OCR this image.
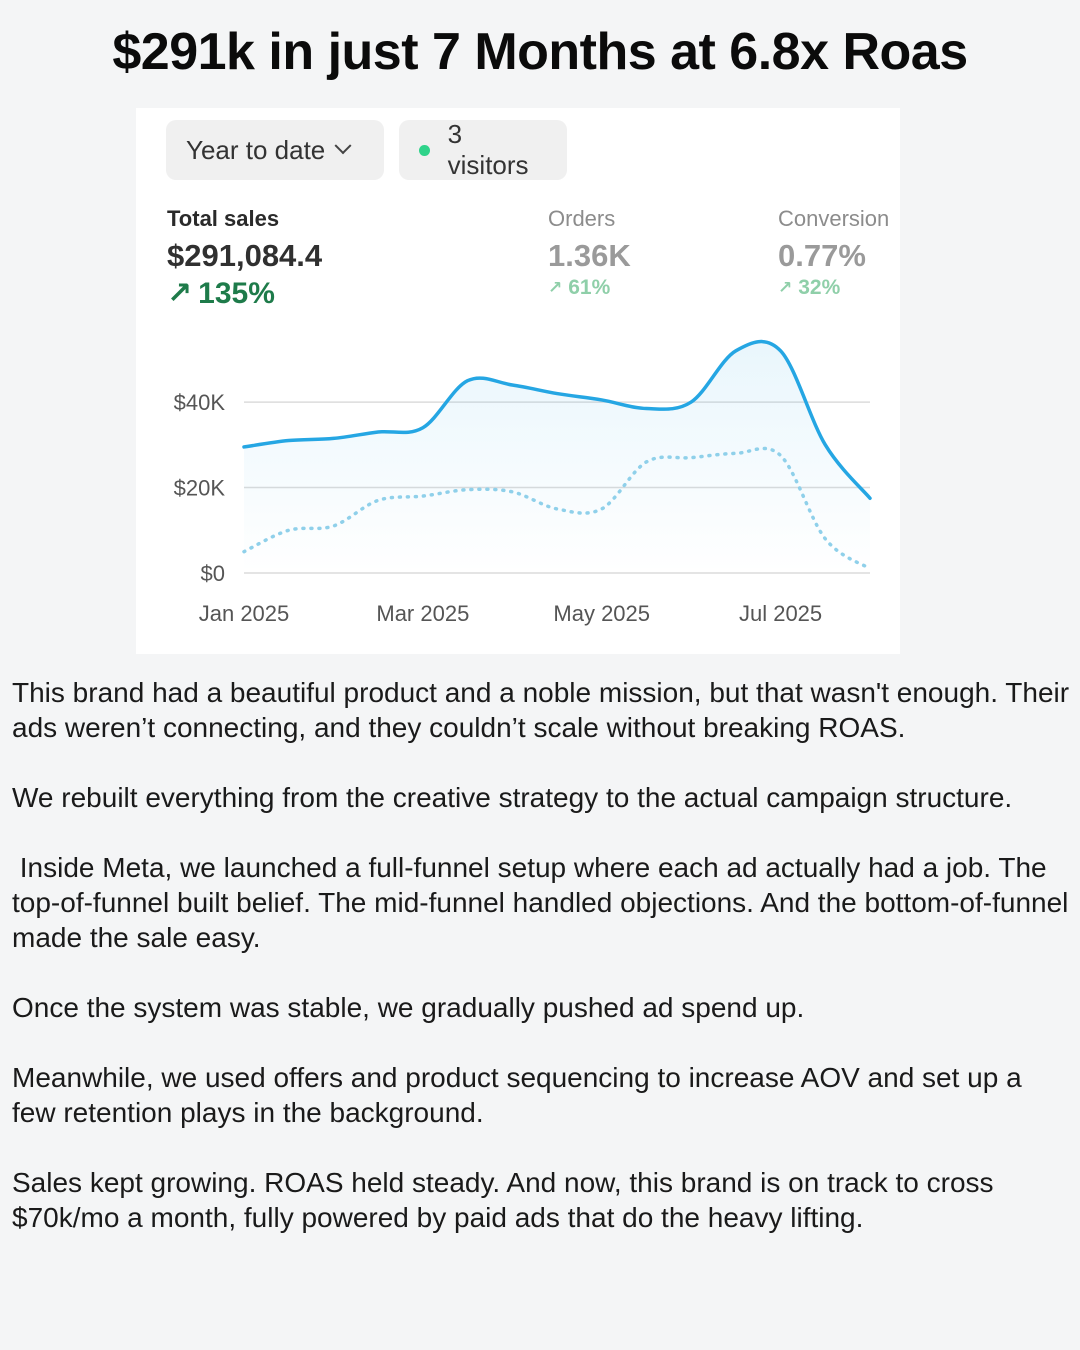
$291k in just 7 Months at 6.8x Roas
Year to date
3 visitors
Total sales
$291,084.4
↗ 135%
Orders
1.36K
↗ 61%
Conversion
0.77%
↗ 32%
$0
$20K
$40K
Jan 2025	Mar 2025	May 2025	Jul 2025

This brand had a beautiful product and a noble mission, but that wasn't enough. Their ads weren’t connecting, and they couldn’t scale without breaking ROAS.

We rebuilt everything from the creative strategy to the actual campaign structure.

Inside Meta, we launched a full-funnel setup where each ad actually had a job. The top-of-funnel built belief. The mid-funnel handled objections. And the bottom-of-funnel made the sale easy.

Once the system was stable, we gradually pushed ad spend up.

Meanwhile, we used offers and product sequencing to increase AOV and set up a few retention plays in the background.

Sales kept growing. ROAS held steady. And now, this brand is on track to cross $70k/mo a month, fully powered by paid ads that do the heavy lifting.
